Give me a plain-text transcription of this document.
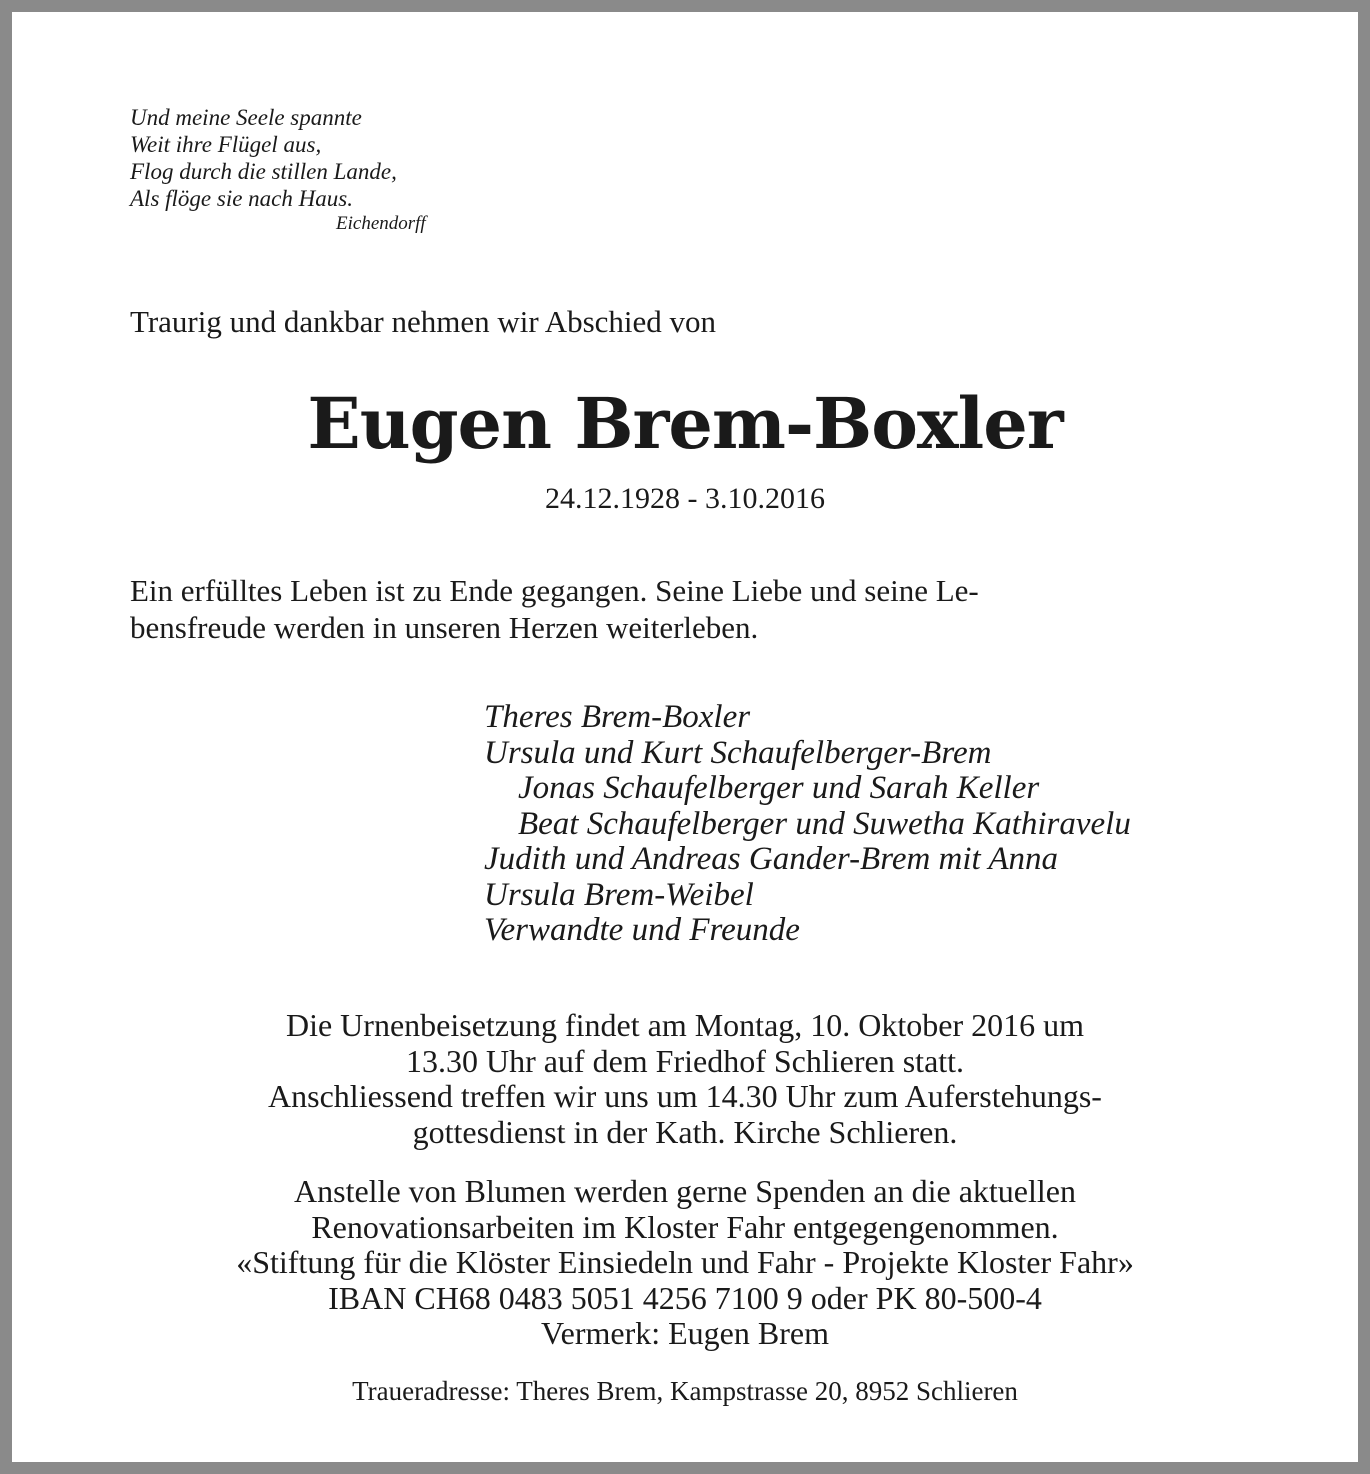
Und meine Seele spannte
Weit ihre Flügel aus,
Flog durch die stillen Lande,
Als flöge sie nach Haus.
Eichendorff
Traurig und dankbar nehmen wir Abschied von
Eugen Brem-Boxler
24.12.1928 - 3.10.2016
Ein erfülltes Leben ist zu Ende gegangen. Seine Liebe und seine Le-
bensfreude werden in unseren Herzen weiterleben.
Theres Brem-Boxler
Ursula und Kurt Schaufelberger-Brem
Jonas Schaufelberger und Sarah Keller
Beat Schaufelberger und Suwetha Kathiravelu
Judith und Andreas Gander-Brem mit Anna
Ursula Brem-Weibel
Verwandte und Freunde
Die Urnenbeisetzung findet am Montag, 10. Oktober 2016 um
13.30 Uhr auf dem Friedhof Schlieren statt.
Anschliessend treffen wir uns um 14.30 Uhr zum Auferstehungs-
gottesdienst in der Kath. Kirche Schlieren.
Anstelle von Blumen werden gerne Spenden an die aktuellen
Renovationsarbeiten im Kloster Fahr entgegengenommen.
«Stiftung für die Klöster Einsiedeln und Fahr - Projekte Kloster Fahr»
IBAN CH68 0483 5051 4256 7100 9 oder PK 80-500-4
Vermerk: Eugen Brem
Traueradresse: Theres Brem, Kampstrasse 20, 8952 Schlieren
